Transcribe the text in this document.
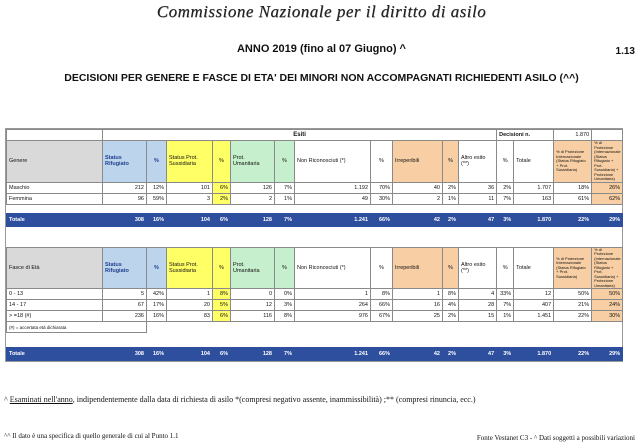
Commissione Nazionale per il diritto di asilo
ANNO 2019 (fino al 07 Giugno) ^	1.13
DECISIONI PER GENERE E FASCE DI ETA' DEI MINORI NON ACCOMPAGNATI RICHIEDENTI ASILO (^^)
	Esiti											Decisioni n.		1.870	
Genere	Status Rifugiato	%	Status Prot. Sussidiaria	%	Prot. Umanitaria	%	Non Riconosciuti (*)	%	Irreperibili	%	Altro esito (**)	%	Totale	% di Protezione Internazionale (Status Rifugiato + Prot. Sussidiaria)	% di Protezione (Internazionale (Status Rifugiato + Prot. Sussidiaria) + Protezione Umanitaria)
Maschio	212	12%	101	6%	126	7%	1.192	70%	40	2%	36	2%	1.707	18%	26%
Femmina	96	59%	3	2%	2	1%	49	30%	2	1%	11	7%	163	61%	62%

Totale	308	16%	104	6%	128	7%	1.241	66%	42	2%	47	3%	1.870	22%	29%

Fasce di Età	Status Rifugiato	%	Status Prot. Sussidiaria	%	Prot. Umanitaria	%	Non Riconosciuti (*)	%	Irreperibili	%	Altro esito (**)	%	Totale	% di Protezione Internazionale (Status Rifugiato + Prot. Sussidiaria)	% di Protezione (Internazionale (Status Rifugiato + Prot. Sussidiaria) + Protezione Umanitaria)
0 - 13	5	42%	1	8%	0	0%	1	8%	1	8%	4	33%	12	50%	50%
14 - 17	67	17%	20	5%	12	3%	264	66%	16	4%	28	7%	407	21%	24%
> =18 (#)	236	16%	83	6%	116	8%	976	67%	25	2%	15	1%	1.451	22%	30%
(#) = accertata età dichiarata															

Totale	308	16%	104	6%	128	7%	1.241	66%	42	2%	47	3%	1.870	22%	29%
^ Esaminati nell'anno, indipendentemente dalla data di richiesta di asilo *(compresi negativo assente, inammissibilità) ;** (compresi rinuncia, ecc.)
^^ Il dato è una specifica di quello generale di cui al Punto 1.1	Fonte Vestanet C3 - ^ Dati soggetti a possibili variazioni
